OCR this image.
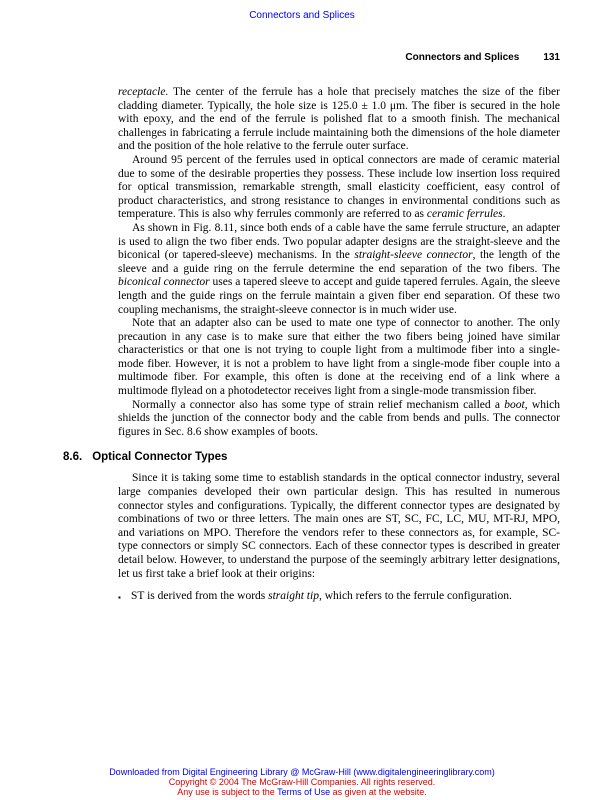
Connectors and Splices
Connectors and Splices 131

receptacle. The center of the ferrule has a hole that precisely matches the size of the fiber cladding diameter. Typically, the hole size is 125.0 ± 1.0 μm. The fiber is secured in the hole with epoxy, and the end of the ferrule is polished flat to a smooth finish. The mechanical challenges in fabricating a ferrule include maintaining both the dimensions of the hole diameter and the position of the hole relative to the ferrule outer surface.

Around 95 percent of the ferrules used in optical connectors are made of ceramic material due to some of the desirable properties they possess. These include low insertion loss required for optical transmission, remarkable strength, small elasticity coefficient, easy control of product characteristics, and strong resistance to changes in environmental conditions such as temperature. This is also why ferrules commonly are referred to as ceramic ferrules.

As shown in Fig. 8.11, since both ends of a cable have the same ferrule structure, an adapter is used to align the two fiber ends. Two popular adapter designs are the straight-sleeve and the biconical (or tapered-sleeve) mechanisms. In the straight-sleeve connector, the length of the sleeve and a guide ring on the ferrule determine the end separation of the two fibers. The biconical connector uses a tapered sleeve to accept and guide tapered ferrules. Again, the sleeve length and the guide rings on the ferrule maintain a given fiber end separation. Of these two coupling mechanisms, the straight-sleeve connector is in much wider use.

Note that an adapter also can be used to mate one type of connector to another. The only precaution in any case is to make sure that either the two fibers being joined have similar characteristics or that one is not trying to couple light from a multimode fiber into a single-mode fiber. However, it is not a problem to have light from a single-mode fiber couple into a multimode fiber. For example, this often is done at the receiving end of a link where a multimode flylead on a photodetector receives light from a single-mode transmission fiber.

Normally a connector also has some type of strain relief mechanism called a boot, which shields the junction of the connector body and the cable from bends and pulls. The connector figures in Sec. 8.6 show examples of boots.

8.6. Optical Connector Types

Since it is taking some time to establish standards in the optical connector industry, several large companies developed their own particular design. This has resulted in numerous connector styles and configurations. Typically, the different connector types are designated by combinations of two or three letters. The main ones are ST, SC, FC, LC, MU, MT-RJ, MPO, and variations on MPO. Therefore the vendors refer to these connectors as, for example, SC-type connectors or simply SC connectors. Each of these connector types is described in greater detail below. However, to understand the purpose of the seemingly arbitrary letter designations, let us first take a brief look at their origins:

▪ ST is derived from the words straight tip, which refers to the ferrule configuration.

Downloaded from Digital Engineering Library @ McGraw-Hill (www.digitalengineeringlibrary.com)
Copyright © 2004 The McGraw-Hill Companies. All rights reserved.
Any use is subject to the Terms of Use as given at the website.
